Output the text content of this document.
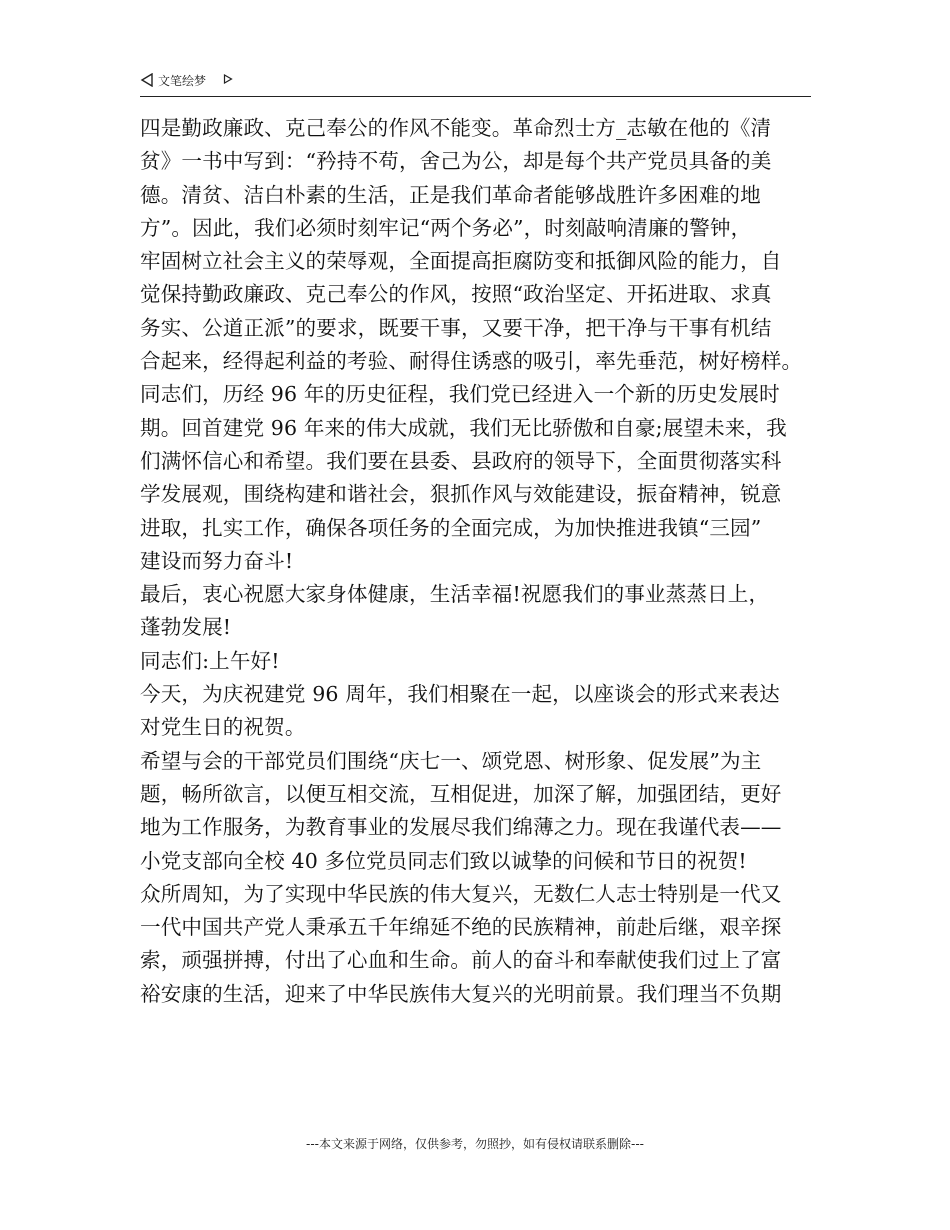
文笔绘梦
四是勤政廉政、克己奉公的作风不能变。革命烈士方_志敏在他的《清
贫》一书中写到：“矜持不苟，舍己为公，却是每个共产党员具备的美
德。清贫、洁白朴素的生活，正是我们革命者能够战胜许多困难的地
方”。因此，我们必须时刻牢记“两个务必”，时刻敲响清廉的警钟，
牢固树立社会主义的荣辱观，全面提高拒腐防变和抵御风险的能力，自
觉保持勤政廉政、克己奉公的作风，按照“政治坚定、开拓进取、求真
务实、公道正派”的要求，既要干事，又要干净，把干净与干事有机结
合起来，经得起利益的考验、耐得住诱惑的吸引，率先垂范，树好榜样。
同志们，历经 96 年的历史征程，我们党已经进入一个新的历史发展时
期。回首建党 96 年来的伟大成就，我们无比骄傲和自豪;展望未来，我
们满怀信心和希望。我们要在县委、县政府的领导下，全面贯彻落实科
学发展观，围绕构建和谐社会，狠抓作风与效能建设，振奋精神，锐意
进取，扎实工作，确保各项任务的全面完成，为加快推进我镇“三园”
建设而努力奋斗!
最后，衷心祝愿大家身体健康，生活幸福!祝愿我们的事业蒸蒸日上，
蓬勃发展!
同志们:上午好!
今天，为庆祝建党 96 周年，我们相聚在一起，以座谈会的形式来表达
对党生日的祝贺。
希望与会的干部党员们围绕“庆七一、颂党恩、树形象、促发展”为主
题，畅所欲言，以便互相交流，互相促进，加深了解，加强团结，更好
地为工作服务，为教育事业的发展尽我们绵薄之力。现在我谨代表——
小党支部向全校 40 多位党员同志们致以诚挚的问候和节日的祝贺!
众所周知，为了实现中华民族的伟大复兴，无数仁人志士特别是一代又
一代中国共产党人秉承五千年绵延不绝的民族精神，前赴后继，艰辛探
索，顽强拼搏，付出了心血和生命。前人的奋斗和奉献使我们过上了富
裕安康的生活，迎来了中华民族伟大复兴的光明前景。我们理当不负期
---本文来源于网络，仅供参考，勿照抄，如有侵权请联系删除---
